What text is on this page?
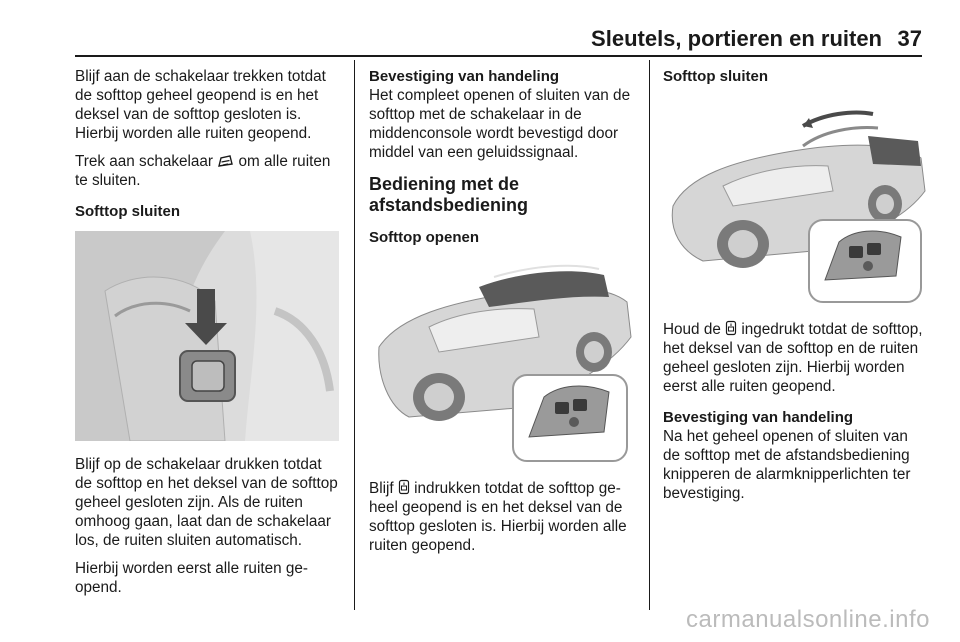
Sleutels, portieren en ruiten 37

Blijf aan de schakelaar trekken totdat de softtop geheel geopend is en het deksel van de softtop gesloten is. Hierbij worden alle ruiten geopend.

Trek aan schakelaar om alle ruiten te sluiten.

Softtop sluiten

Blijf op de schakelaar drukken totdat de softtop en het deksel van de softtop geheel gesloten zijn. Als de ruiten omhoog gaan, laat dan de schakelaar los, de ruiten sluiten automatisch.

Hierbij worden eerst alle ruiten geopend.

Bevestiging van handeling

Het compleet openen of sluiten van de softtop met de schakelaar in de middenconsole wordt bevestigd door middel van een geluidssignaal.

Bediening met de afstandsbediening
Softtop openen

Blijf indrukken totdat de softtop geheel geopend is en het deksel van de softtop gesloten is. Hierbij worden alle ruiten geopend.

Softtop sluiten

Houd de ingedrukt totdat de softtop, het deksel van de softtop en de ruiten geheel gesloten zijn. Hierbij worden eerst alle ruiten geopend.

Bevestiging van handeling

Na het geheel openen of sluiten van de softtop met de afstandsbediening knipperen de alarmknipperlichten ter bevestiging.

carmanualsonline.info
